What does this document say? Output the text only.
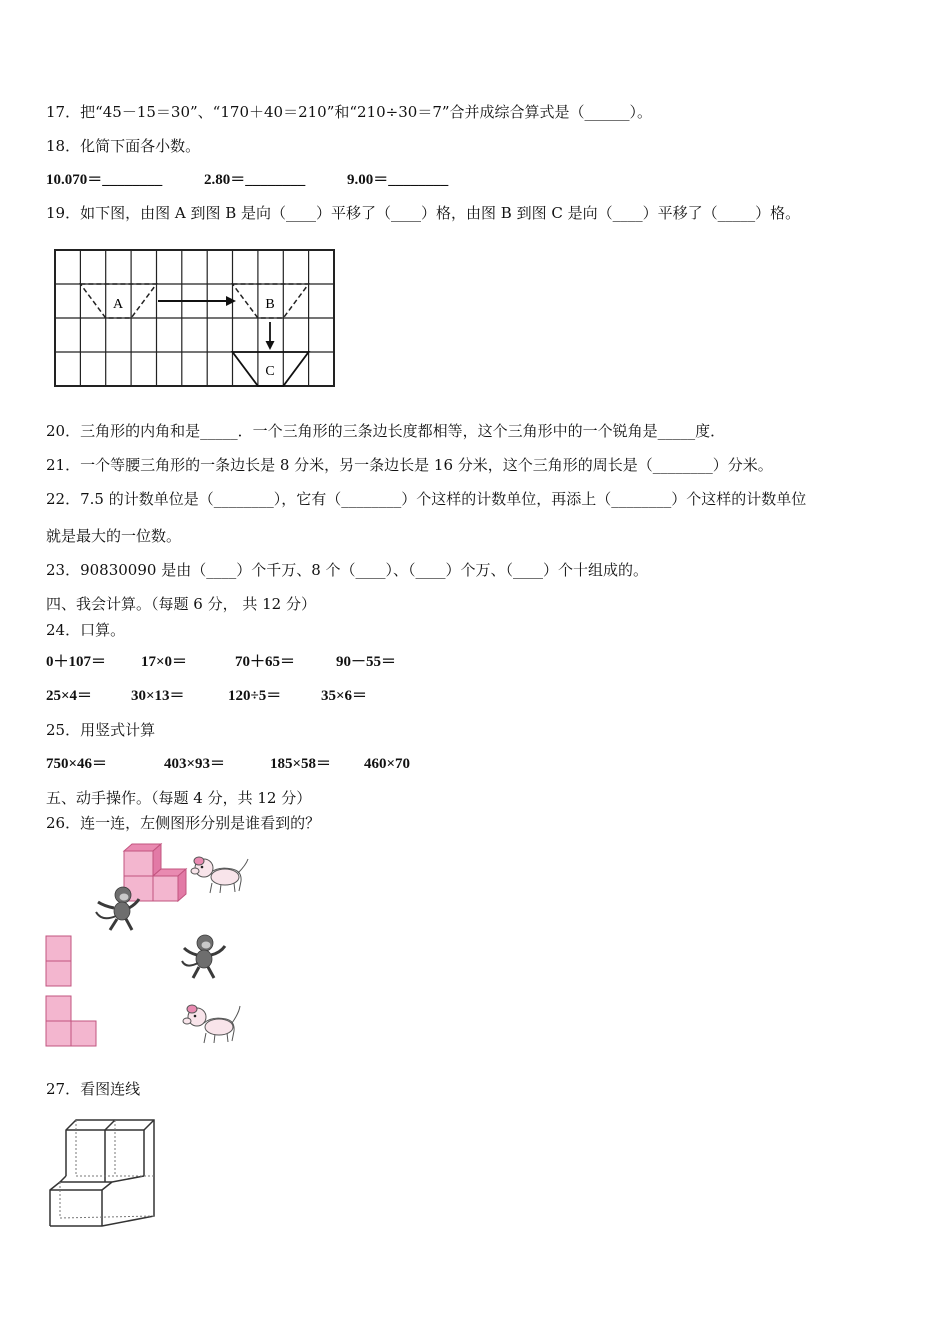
17．把“45－15＝30”、“170＋40＝210”和“210÷30＝7”合并成综合算式是（______）。
18．化简下面各小数。
10.070＝________	2.80＝________	9.00＝________
19．如下图，由图 A 到图 B 是向（____）平移了（____）格，由图 B 到图 C 是向（____）平移了（_____）格。
A	B
C
20．三角形的内角和是_____．一个三角形的三条边长度都相等，这个三角形中的一个锐角是_____度．
21．一个等腰三角形的一条边长是 8 分米，另一条边长是 16 分米，这个三角形的周长是（________）分米。
22．7.5 的计数单位是（________），它有（________）个这样的计数单位，再添上（________）个这样的计数单位
就是最大的一位数。
23．90830090 是由（____）个千万、8 个（____）、（____）个万、（____）个十组成的。
四、我会计算。（每题 6 分， 共 12 分）
24．口算。
0＋107＝ 17×0＝	70＋65＝	90－55＝
25×4＝	30×13＝	120÷5＝	35×6＝
25．用竖式计算
750×46＝	403×93＝	185×58＝ 460×70
五、动手操作。（每题 4 分，共 12 分）
26．连一连，左侧图形分别是谁看到的？
27．看图连线
